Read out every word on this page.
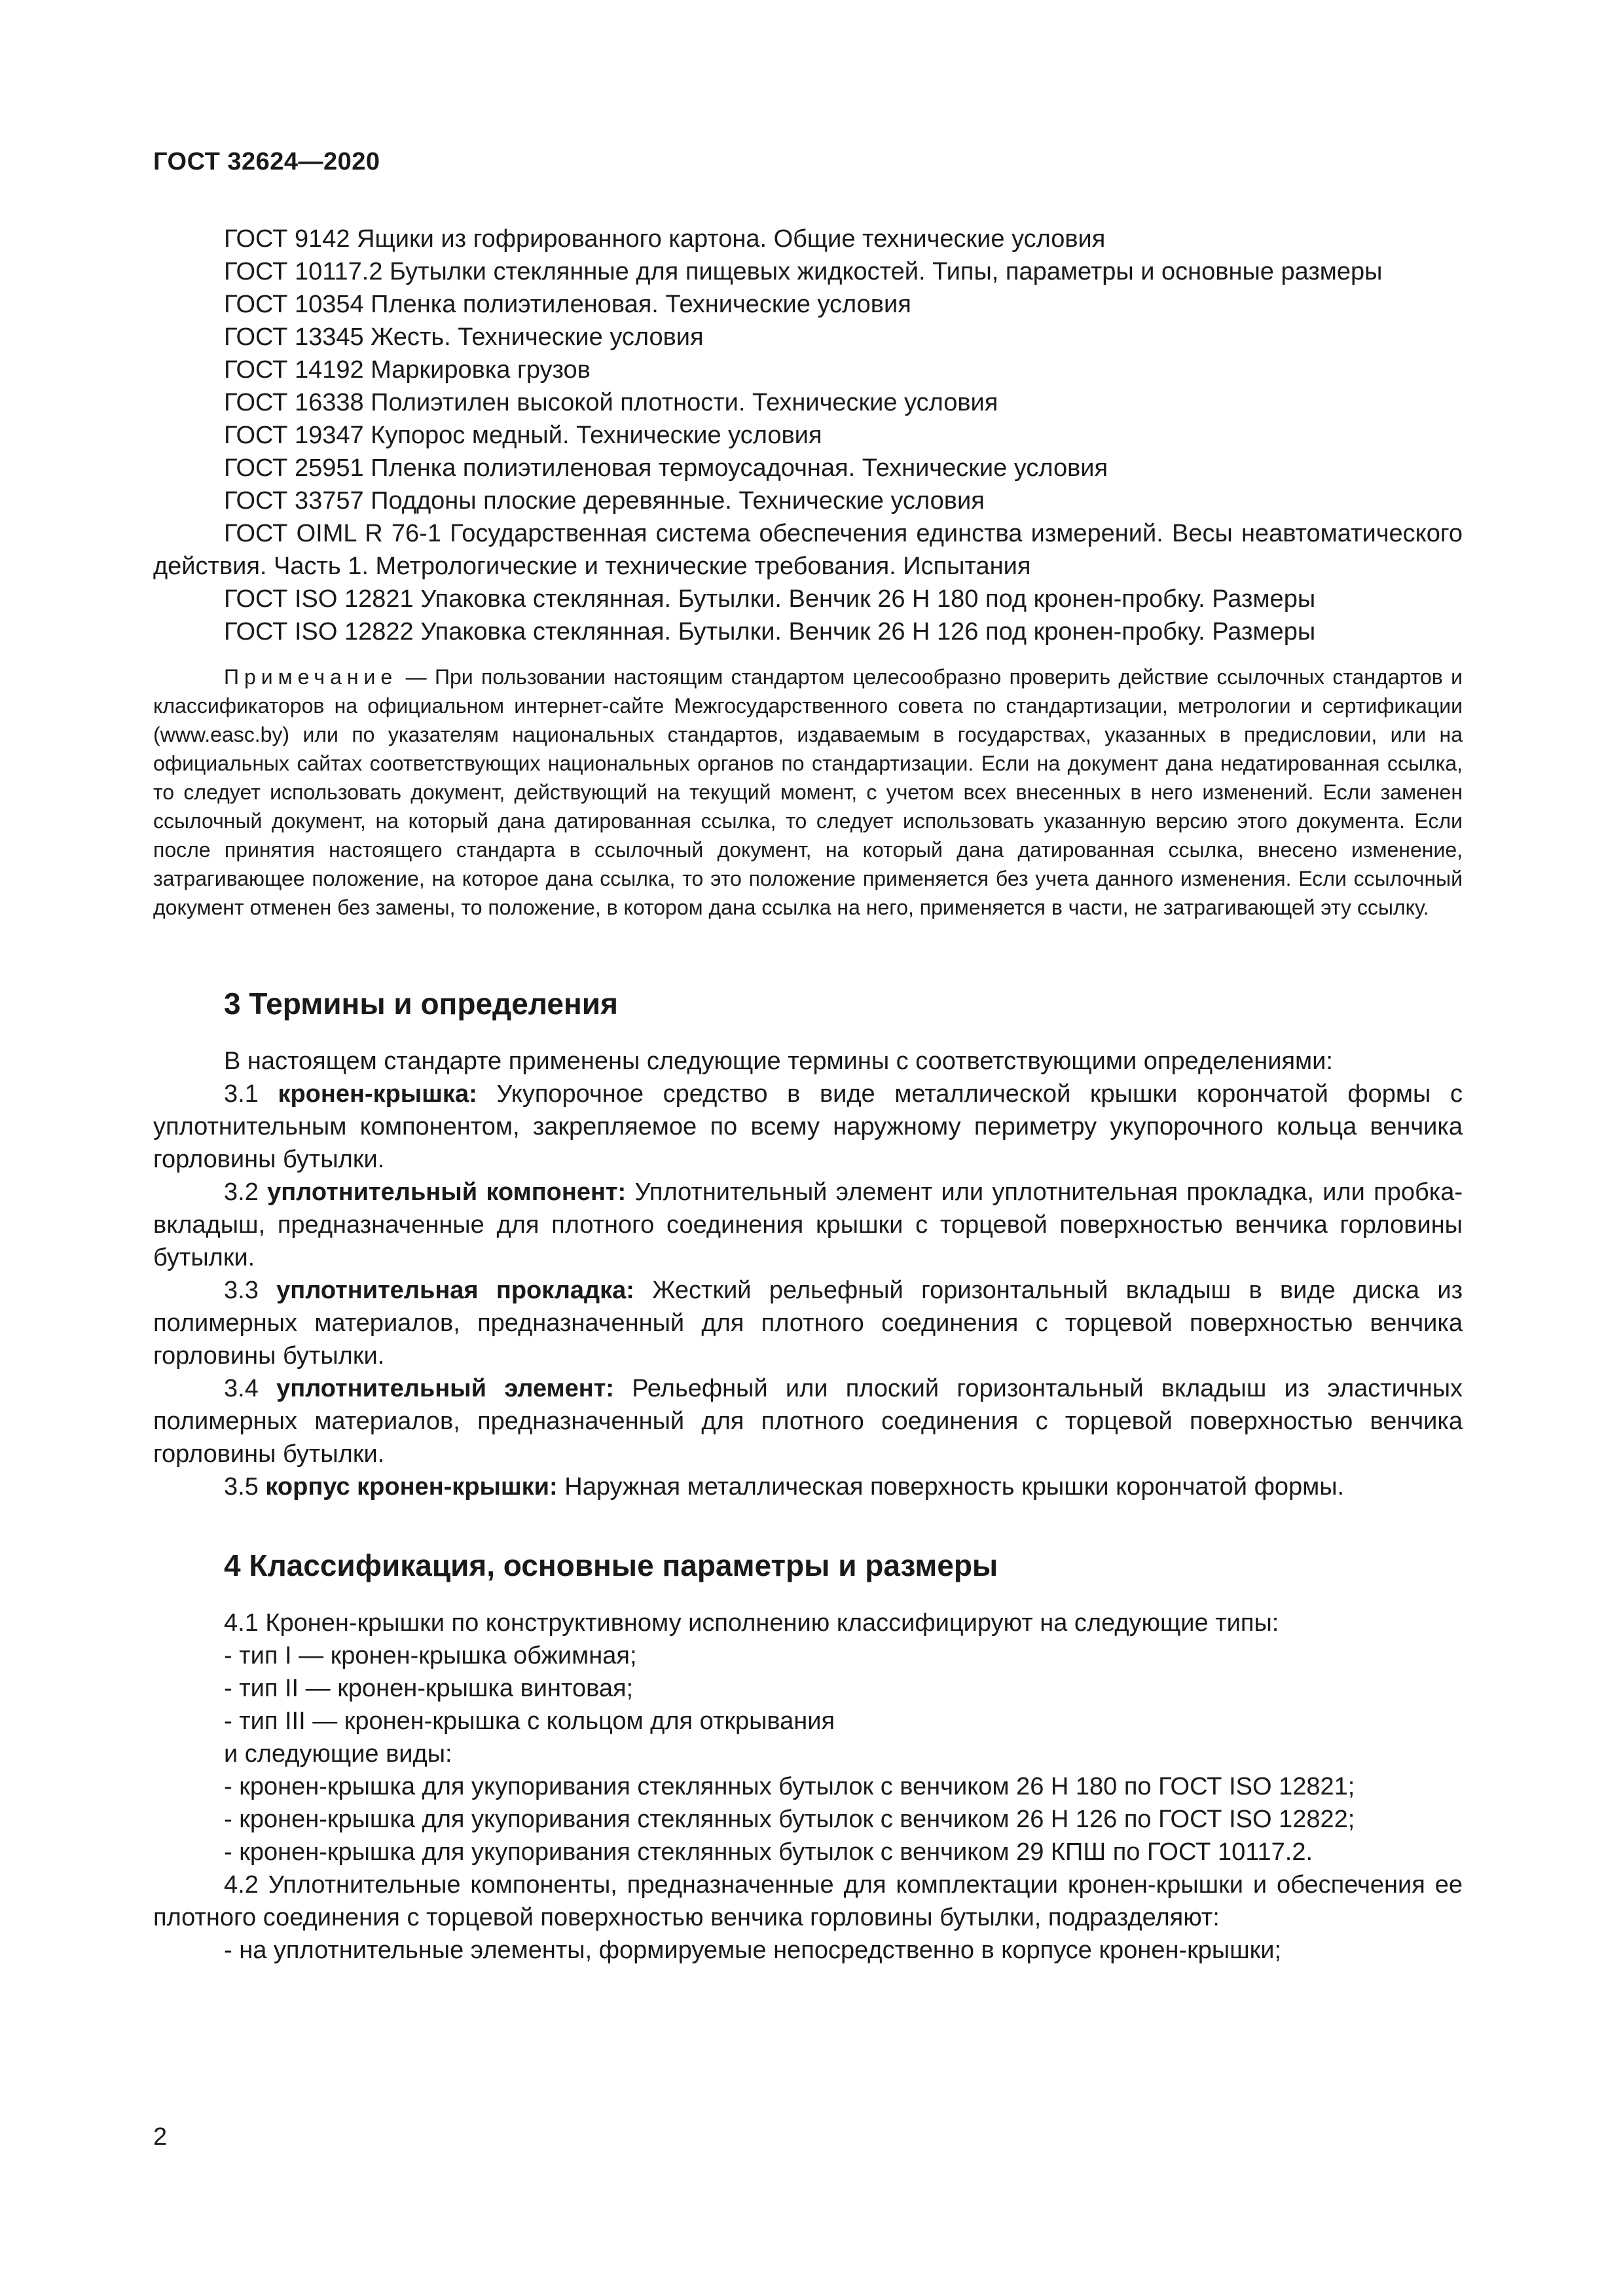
ГОСТ 32624—2020
ГОСТ 9142 Ящики из гофрированного картона. Общие технические условия
ГОСТ 10117.2 Бутылки стеклянные для пищевых жидкостей. Типы, параметры и основные размеры
ГОСТ 10354 Пленка полиэтиленовая. Технические условия
ГОСТ 13345 Жесть. Технические условия
ГОСТ 14192 Маркировка грузов
ГОСТ 16338 Полиэтилен высокой плотности. Технические условия
ГОСТ 19347 Купорос медный. Технические условия
ГОСТ 25951 Пленка полиэтиленовая термоусадочная. Технические условия
ГОСТ 33757 Поддоны плоские деревянные. Технические условия
ГОСТ OIML R 76-1 Государственная система обеспечения единства измерений. Весы неавтоматического действия. Часть 1. Метрологические и технические требования. Испытания
ГОСТ ISO 12821 Упаковка стеклянная. Бутылки. Венчик 26 Н 180 под кронен-пробку. Размеры
ГОСТ ISO 12822 Упаковка стеклянная. Бутылки. Венчик 26 Н 126 под кронен-пробку. Размеры
Примечание — При пользовании настоящим стандартом целесообразно проверить действие ссылочных стандартов и классификаторов на официальном интернет-сайте Межгосударственного совета по стандартизации, метрологии и сертификации (www.easc.by) или по указателям национальных стандартов, издаваемым в государствах, указанных в предисловии, или на официальных сайтах соответствующих национальных органов по стандартизации. Если на документ дана недатированная ссылка, то следует использовать документ, действующий на текущий момент, с учетом всех внесенных в него изменений. Если заменен ссылочный документ, на который дана датированная ссылка, то следует использовать указанную версию этого документа. Если после принятия настоящего стандарта в ссылочный документ, на который дана датированная ссылка, внесено изменение, затрагивающее положение, на которое дана ссылка, то это положение применяется без учета данного изменения. Если ссылочный документ отменен без замены, то положение, в котором дана ссылка на него, применяется в части, не затрагивающей эту ссылку.
3 Термины и определения
В настоящем стандарте применены следующие термины с соответствующими определениями:
3.1 кронен-крышка: Укупорочное средство в виде металлической крышки корончатой формы с уплотнительным компонентом, закрепляемое по всему наружному периметру укупорочного кольца венчика горловины бутылки.
3.2 уплотнительный компонент: Уплотнительный элемент или уплотнительная прокладка, или пробка-вкладыш, предназначенные для плотного соединения крышки с торцевой поверхностью венчика горловины бутылки.
3.3 уплотнительная прокладка: Жесткий рельефный горизонтальный вкладыш в виде диска из полимерных материалов, предназначенный для плотного соединения с торцевой поверхностью венчика горловины бутылки.
3.4 уплотнительный элемент: Рельефный или плоский горизонтальный вкладыш из эластичных полимерных материалов, предназначенный для плотного соединения с торцевой поверхностью венчика горловины бутылки.
3.5 корпус кронен-крышки: Наружная металлическая поверхность крышки корончатой формы.
4 Классификация, основные параметры и размеры
4.1 Кронен-крышки по конструктивному исполнению классифицируют на следующие типы:
- тип I — кронен-крышка обжимная;
- тип II — кронен-крышка винтовая;
- тип III — кронен-крышка с кольцом для открывания
и следующие виды:
- кронен-крышка для укупоривания стеклянных бутылок с венчиком 26 Н 180 по ГОСТ ISO 12821;
- кронен-крышка для укупоривания стеклянных бутылок с венчиком 26 Н 126 по ГОСТ ISO 12822;
- кронен-крышка для укупоривания стеклянных бутылок с венчиком 29 КПШ по ГОСТ 10117.2.
4.2 Уплотнительные компоненты, предназначенные для комплектации кронен-крышки и обеспечения ее плотного соединения с торцевой поверхностью венчика горловины бутылки, подразделяют:
- на уплотнительные элементы, формируемые непосредственно в корпусе кронен-крышки;
2
